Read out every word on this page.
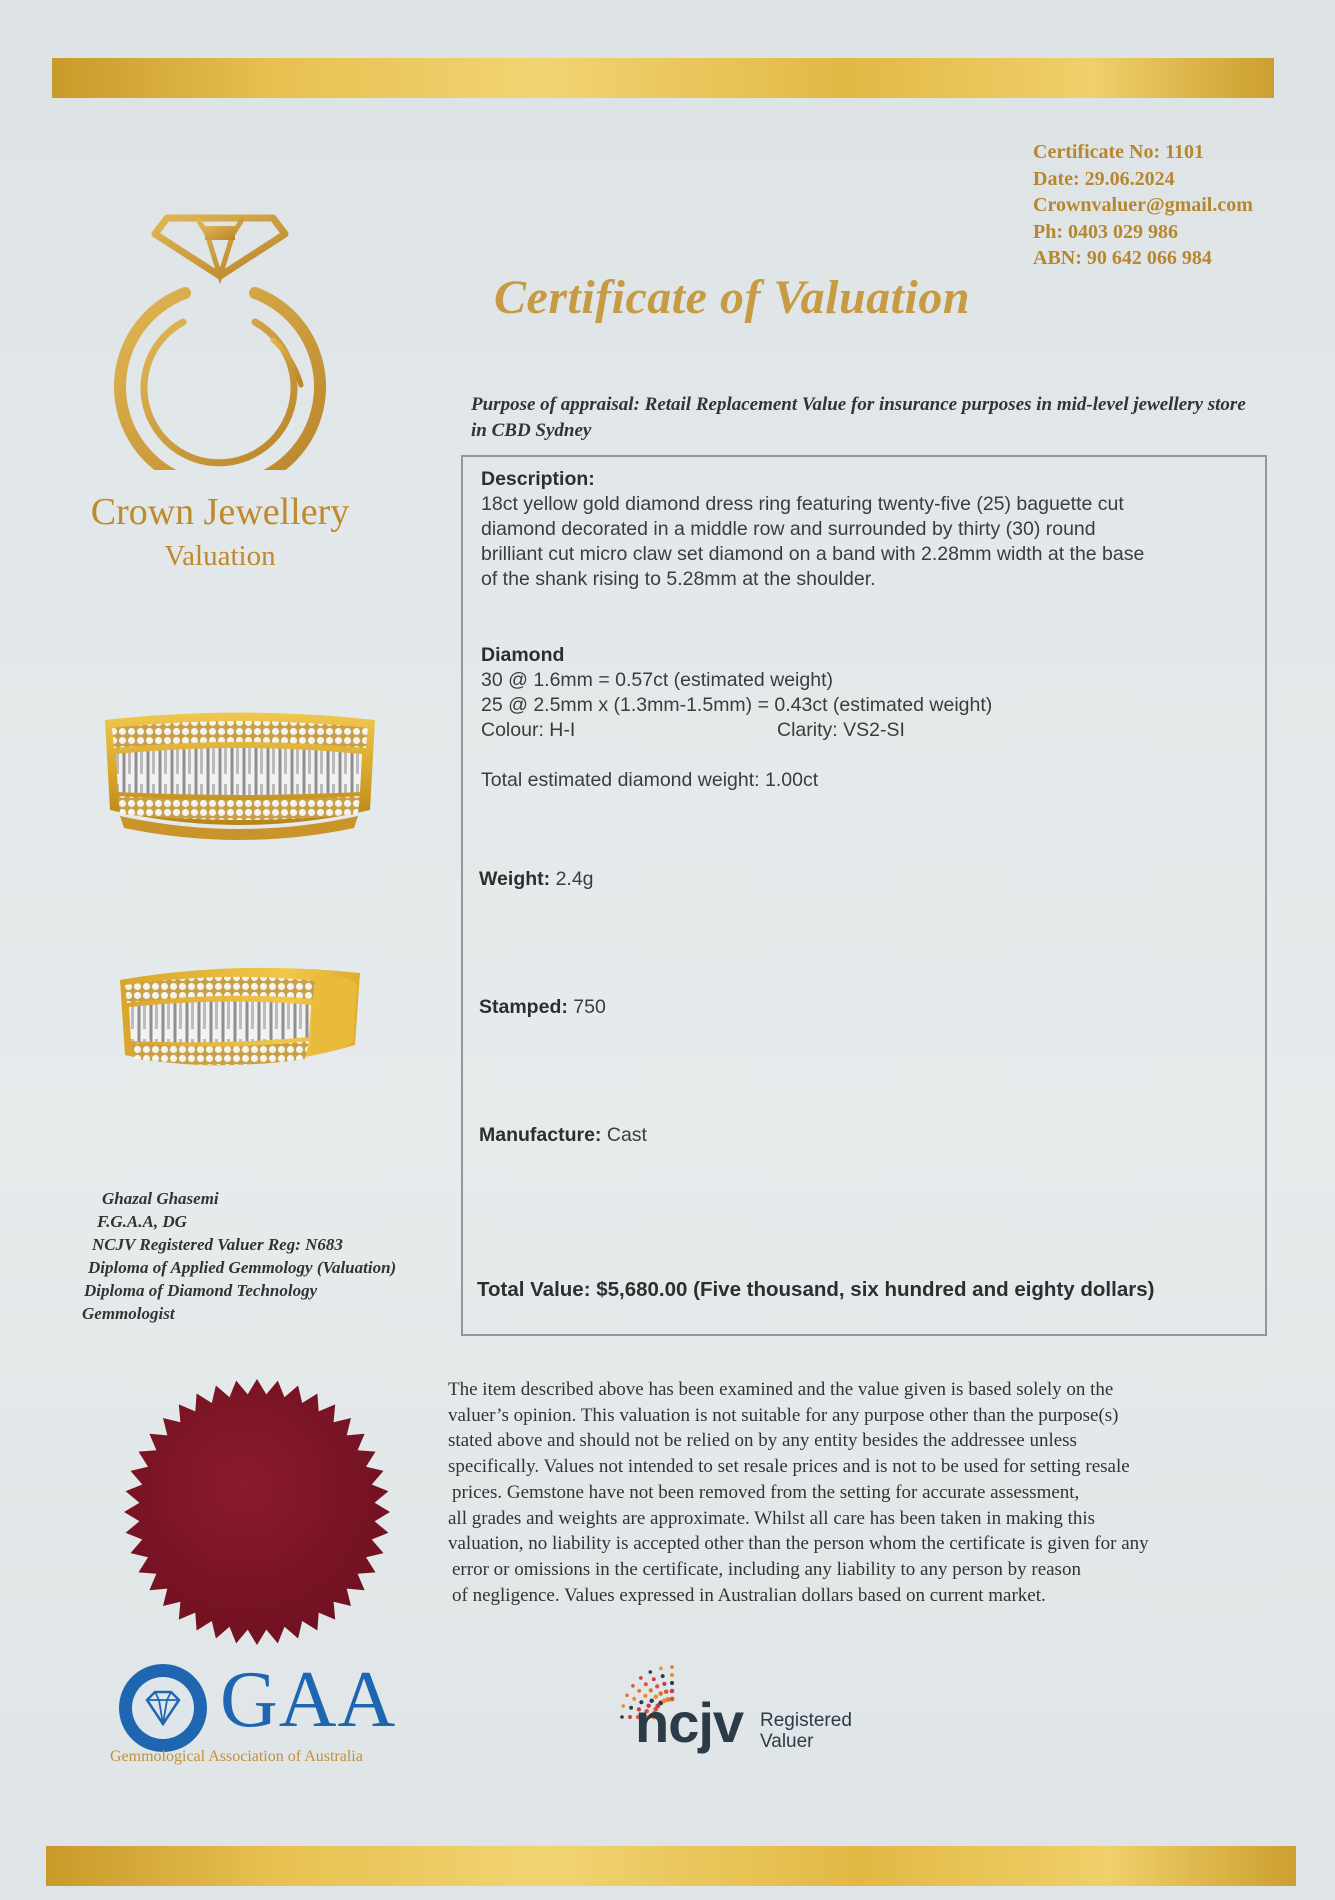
Crown Jewellery
Valuation
Certificate No: 1101
Date: 29.06.2024
Crownvaluer@gmail.com
Ph: 0403 029 986
ABN: 90 642 066 984
Certificate of Valuation
Ghazal Ghasemi
F.G.A.A, DG
NCJV Registered Valuer Reg: N683
Diploma of Applied Gemmology (Valuation)
Diploma of Diamond Technology
Gemmologist
Purpose of appraisal: Retail Replacement Value for insurance purposes in mid-level jewellery store in CBD Sydney
Description:
18ct yellow gold diamond dress ring featuring twenty-five (25) baguette cut
diamond decorated in a middle row and surrounded by thirty (30) round
brilliant cut micro claw set diamond on a band with 2.28mm width at the base
of the shank rising to 5.28mm at the shoulder.
Diamond
30 @ 1.6mm = 0.57ct (estimated weight)
25 @ 2.5mm x (1.3mm-1.5mm) = 0.43ct (estimated weight)
Colour: H-I	Clarity: VS2-SI
Total estimated diamond weight: 1.00ct
Weight: 2.4g
Stamped: 750
Manufacture: Cast
Total Value: $5,680.00 (Five thousand, six hundred and eighty dollars)
The item described above has been examined and the value given is based solely on the
valuer’s opinion. This valuation is not suitable for any purpose other than the purpose(s)
stated above and should not be relied on by any entity besides the addressee unless
specifically. Values not intended to set resale prices and is not to be used for setting resale
prices. Gemstone have not been removed from the setting for accurate assessment,
all grades and weights are approximate. Whilst all care has been taken in making this
valuation, no liability is accepted other than the person whom the certificate is given for any
error or omissions in the certificate, including any liability to any person by reason
of negligence. Values expressed in Australian dollars based on current market.
GAA
Gemmological Association of Australia
ncjv Registered
Valuer
